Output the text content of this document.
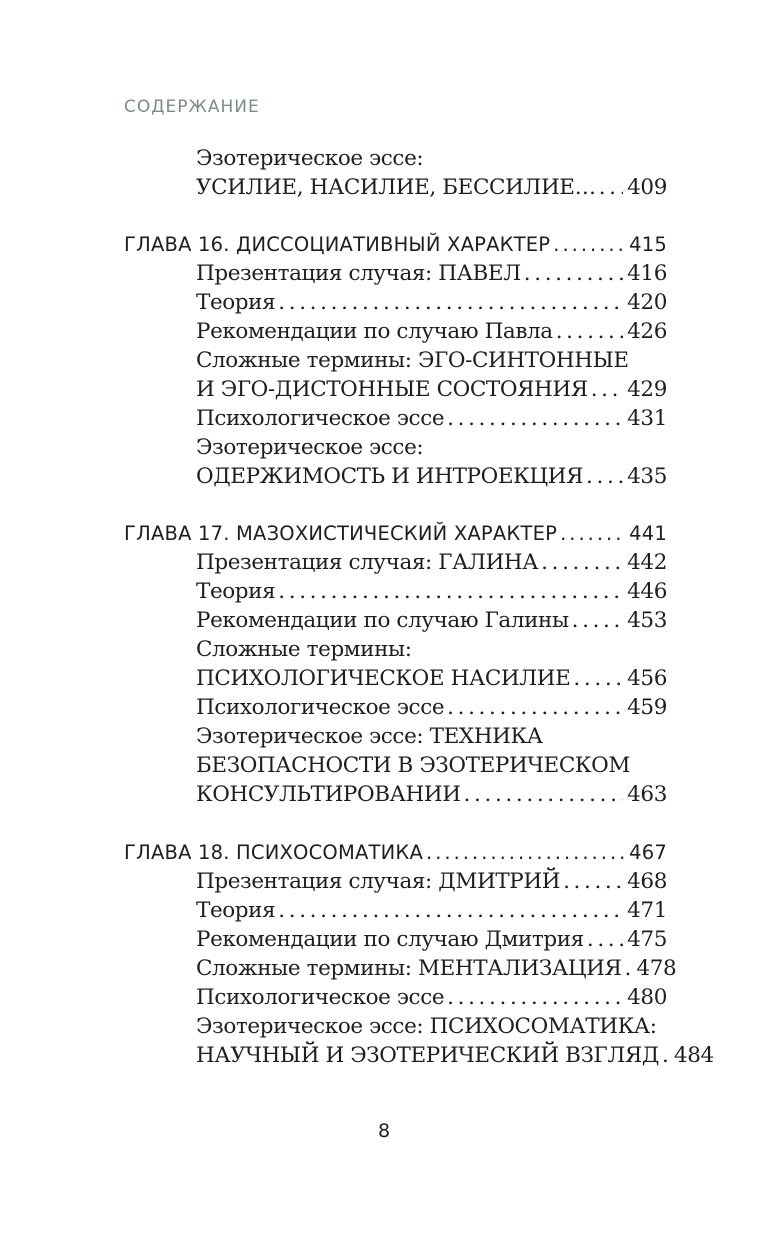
СОДЕРЖАНИЕ
Эзотерическое эссе:
УСИЛИЕ, НАСИЛИЕ, БЕССИЛИЕ… . . . 409
ГЛАВА 16. ДИССОЦИАТИВНЫЙ ХАРАКТЕР . . .	415
Презентация случая: ПАВЕЛ . . .	416
Теория . . .	420
Рекомендации по случаю Павла . . .	426
Сложные термины: ЭГО-СИНТОННЫЕ
И ЭГО-ДИСТОННЫЕ СОСТОЯНИЯ . . . 429
Психологическое эссе . . .	431
Эзотерическое эссе:
ОДЕРЖИМОСТЬ И ИНТРОЕКЦИЯ . . . 435
ГЛАВА 17. МАЗОХИСТИЧЕСКИЙ ХАРАКТЕР . . .	441
Презентация случая: ГАЛИНА . . .	442
Теория . . .	446
Рекомендации по случаю Галины . . .	453
Сложные термины:
ПСИХОЛОГИЧЕСКОЕ НАСИЛИЕ . . .	456
Психологическое эссе . . .	459
Эзотерическое эссе: ТЕХНИКА
БЕЗОПАСНОСТИ В ЭЗОТЕРИЧЕСКОМ
КОНСУЛЬТИРОВАНИИ . . .	463
ГЛАВА 18. ПСИХОСОМАТИКА . . .	467
Презентация случая: ДМИТРИЙ . . .	468
Теория . . .	471
Рекомендации по случаю Дмитрия . . . 475
Сложные термины: МЕНТАЛИЗАЦИЯ . . . 478
Психологическое эссе . . .	480
Эзотерическое эссе: ПСИХОСОМАТИКА:
НАУЧНЫЙ И ЭЗОТЕРИЧЕСКИЙ ВЗГЛЯД . . . 484
8
